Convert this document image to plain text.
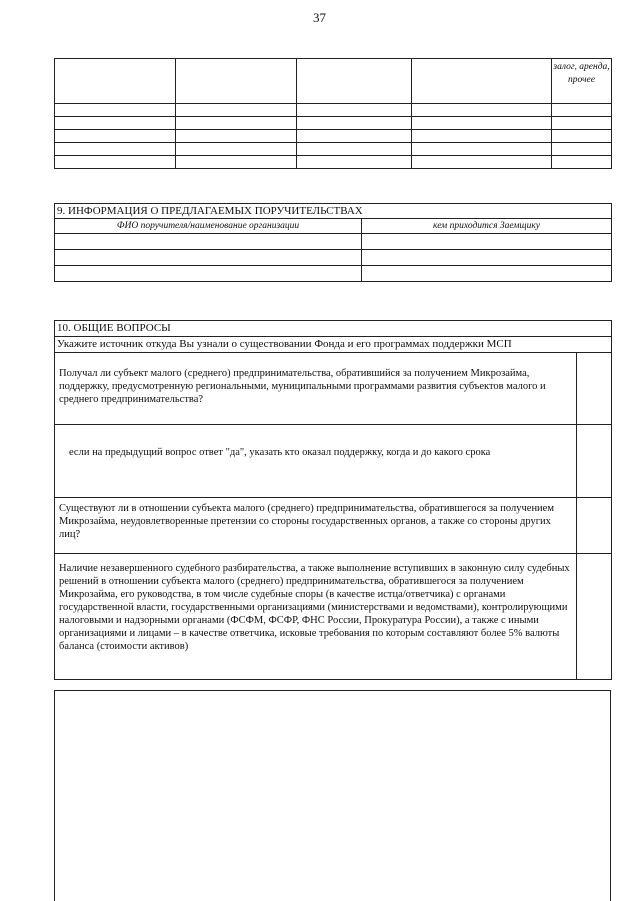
37
				залог, аренда, прочее

9. ИНФОРМАЦИЯ О ПРЕДЛАГАЕМЫХ ПОРУЧИТЕЛЬСТВАХ	
ФИО поручителя/наименование организации	кем приходится Заемщику

10. ОБЩИЕ ВОПРОСЫ	
Укажите источник откуда Вы узнали о существовании Фонда и его программах поддержки МСП	
Получал ли субъект малого (среднего) предпринимательства, обратившийся за получением Микрозайма, поддержку, предусмотренную региональными, муниципальными программами развития субъектов малого и среднего предпринимательства?	
если на предыдущий вопрос ответ "да", указать кто оказал поддержку, когда и до какого срока	
Существуют ли в отношении субъекта малого (среднего) предпринимательства, обратившегося за получением Микрозайма, неудовлетворенные претензии со стороны государственных органов, а также со стороны других лиц?	
Наличие незавершенного судебного разбирательства, а также выполнение вступивших в законную силу судебных решений в отношении субъекта малого (среднего) предпринимательства, обратившегося за получением Микрозайма, его руководства, в том числе судебные споры (в качестве истца/ответчика) с органами государственной власти, государственными организациями (министерствами и ведомствами), контролирующими налоговыми и надзорными органами (ФСФМ, ФСФР, ФНС России, Прокуратура России), а также с иными организациями и лицами – в качестве ответчика, исковые требования по которым составляют более 5% валюты баланса (стоимости активов)	
